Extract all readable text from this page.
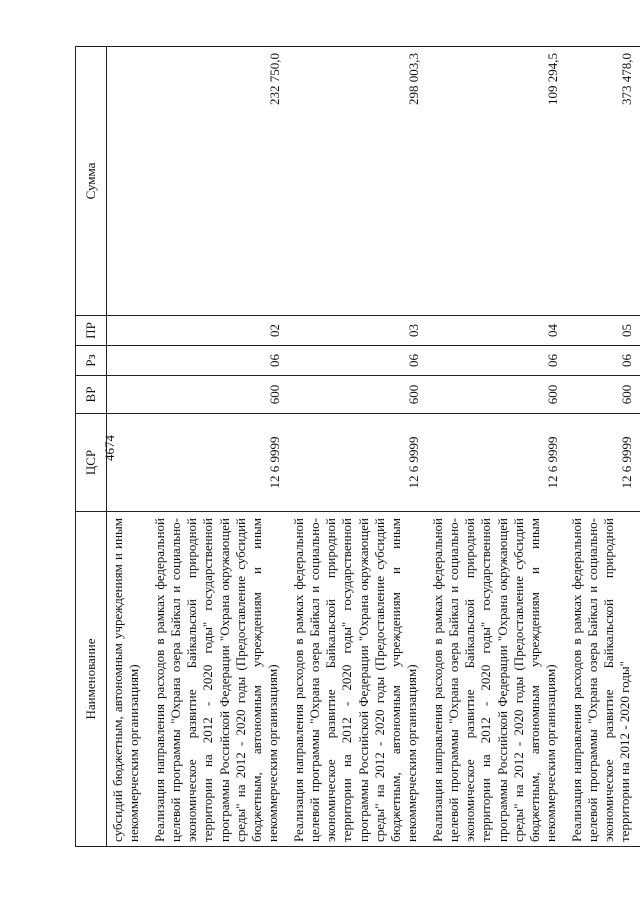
4674
Наименование	ЦСР	ВР	Рз	ПР	Сумма
субсидий бюджетным, автономным учреждениям и иным некоммерческим организациям)					
Реализация направления расходов в рамках федеральной целевой программы "Охрана озера Байкал и социально-экономическое развитие Байкальской природной территории на 2012 - 2020 годы" государственной программы Российской Федерации "Охрана окружающей среды" на 2012 - 2020 годы (Предоставление субсидий бюджетным, автономным учреждениям и иным некоммерческим организациям)	12 6 9999	600	06	02	232 750,0
Реализация направления расходов в рамках федеральной целевой программы "Охрана озера Байкал и социально-экономическое развитие Байкальской природной территории на 2012 - 2020 годы" государственной программы Российской Федерации "Охрана окружающей среды" на 2012 - 2020 годы (Предоставление субсидий бюджетным, автономным учреждениям и иным некоммерческим организациям)	12 6 9999	600	06	03	298 003,3
Реализация направления расходов в рамках федеральной целевой программы "Охрана озера Байкал и социально-экономическое развитие Байкальской природной территории на 2012 - 2020 годы" государственной программы Российской Федерации "Охрана окружающей среды" на 2012 - 2020 годы (Предоставление субсидий бюджетным, автономным учреждениям и иным некоммерческим организациям)	12 6 9999	600	06	04	109 294,5
Реализация направления расходов в рамках федеральной целевой программы "Охрана озера Байкал и социально-экономическое развитие Байкальской природной территории на 2012 - 2020 годы"	12 6 9999	600	06	05	373 478,0
